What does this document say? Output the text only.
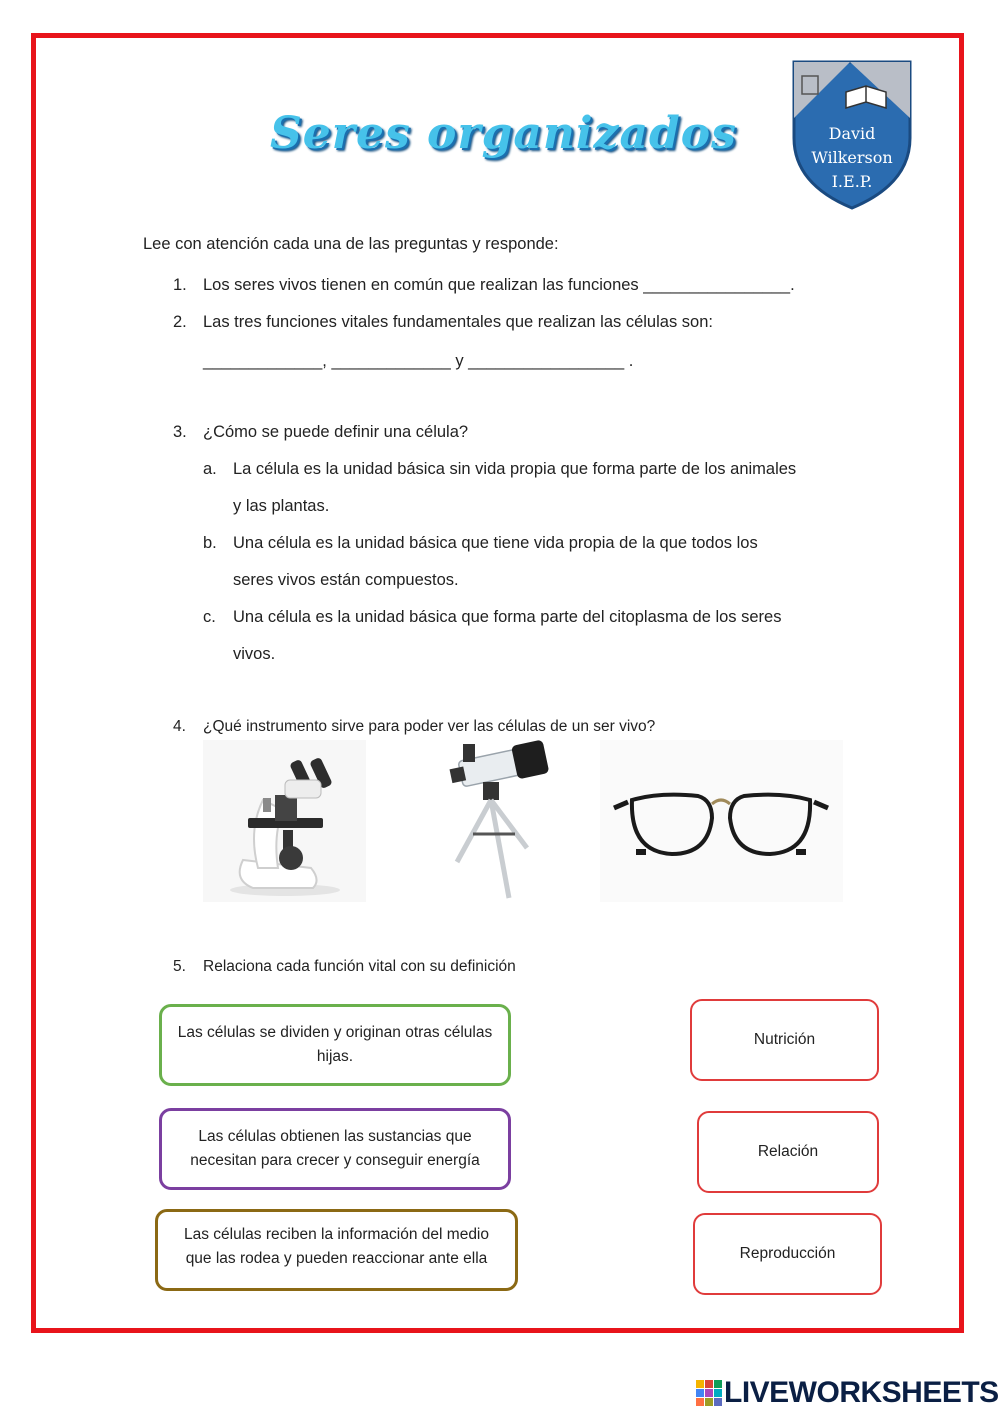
Seres organizados	David
Wilkerson
I.E.P.
Lee con atención cada una de las preguntas y responde:
1. Los seres vivos tienen en común que realizan las funciones ________________.
2. Las tres funciones vitales fundamentales que realizan las células son:
_____________, _____________ y _________________ .
3. ¿Cómo se puede definir una célula?
a. La célula es la unidad básica sin vida propia que forma parte de los animales
y las plantas.
b. Una célula es la unidad básica que tiene vida propia de la que todos los
seres vivos están compuestos.
c. Una célula es la unidad básica que forma parte del citoplasma de los seres
vivos.
4. ¿Qué instrumento sirve para poder ver las células de un ser vivo?
5. Relaciona cada función vital con su definición
Las células se dividen y originan otras células hijas.
Las células obtienen las sustancias que necesitan para crecer y conseguir energía
Las células reciben la información del medio que las rodea y pueden reaccionar ante ella
Nutrición
Relación
Reproducción
LIVEWORKSHEETS
